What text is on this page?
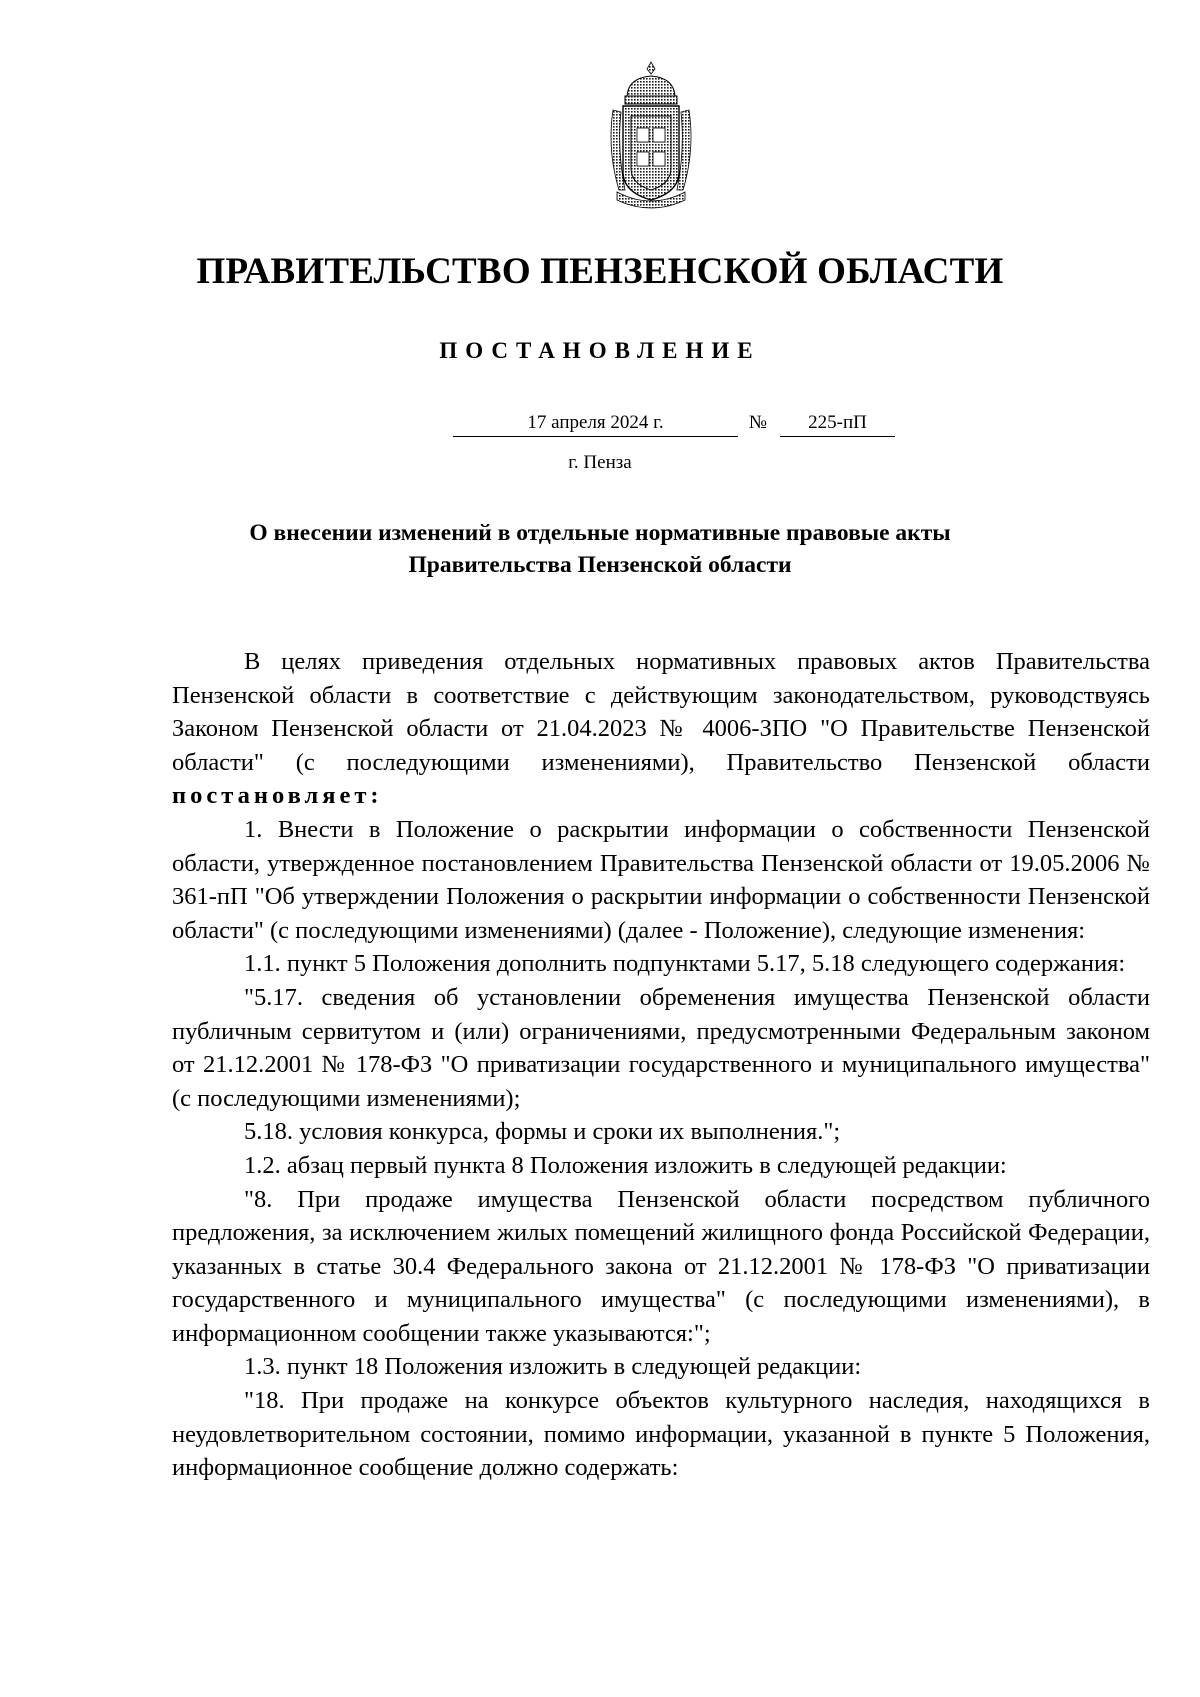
ПРАВИТЕЛЬСТВО ПЕНЗЕНСКОЙ ОБЛАСТИ
ПОСТАНОВЛЕНИЕ
17 апреля 2024 г.	№	225-пП
г. Пенза
О внесении изменений в отдельные нормативные правовые акты
Правительства Пензенской области

В целях приведения отдельных нормативных правовых актов Правительства Пензенской области в соответствие с действующим законодательством, руководствуясь Законом Пензенской области от 21.04.2023 № 4006-ЗПО "О Правительстве Пензенской области" (с последующими изменениями), Правительство Пензенской области постановляет:

1. Внести в Положение о раскрытии информации о собственности Пензенской области, утвержденное постановлением Правительства Пензенской области от 19.05.2006 № 361-пП "Об утверждении Положения о раскрытии информации о собственности Пензенской области" (с последующими изменениями) (далее - Положение), следующие изменения:

1.1. пункт 5 Положения дополнить подпунктами 5.17, 5.18 следующего содержания:

"5.17. сведения об установлении обременения имущества Пензенской области публичным сервитутом и (или) ограничениями, предусмотренными Федеральным законом от 21.12.2001 № 178-ФЗ "О приватизации государственного и муниципального имущества" (с последующими изменениями);

5.18. условия конкурса, формы и сроки их выполнения.";

1.2. абзац первый пункта 8 Положения изложить в следующей редакции:

"8. При продаже имущества Пензенской области посредством публичного предложения, за исключением жилых помещений жилищного фонда Российской Федерации, указанных в статье 30.4 Федерального закона от 21.12.2001 № 178-ФЗ "О приватизации государственного и муниципального имущества" (с последующими изменениями), в информационном сообщении также указываются:";

1.3. пункт 18 Положения изложить в следующей редакции:

"18. При продаже на конкурсе объектов культурного наследия, находящихся в неудовлетворительном состоянии, помимо информации, указанной в пункте 5 Положения, информационное сообщение должно содержать:
